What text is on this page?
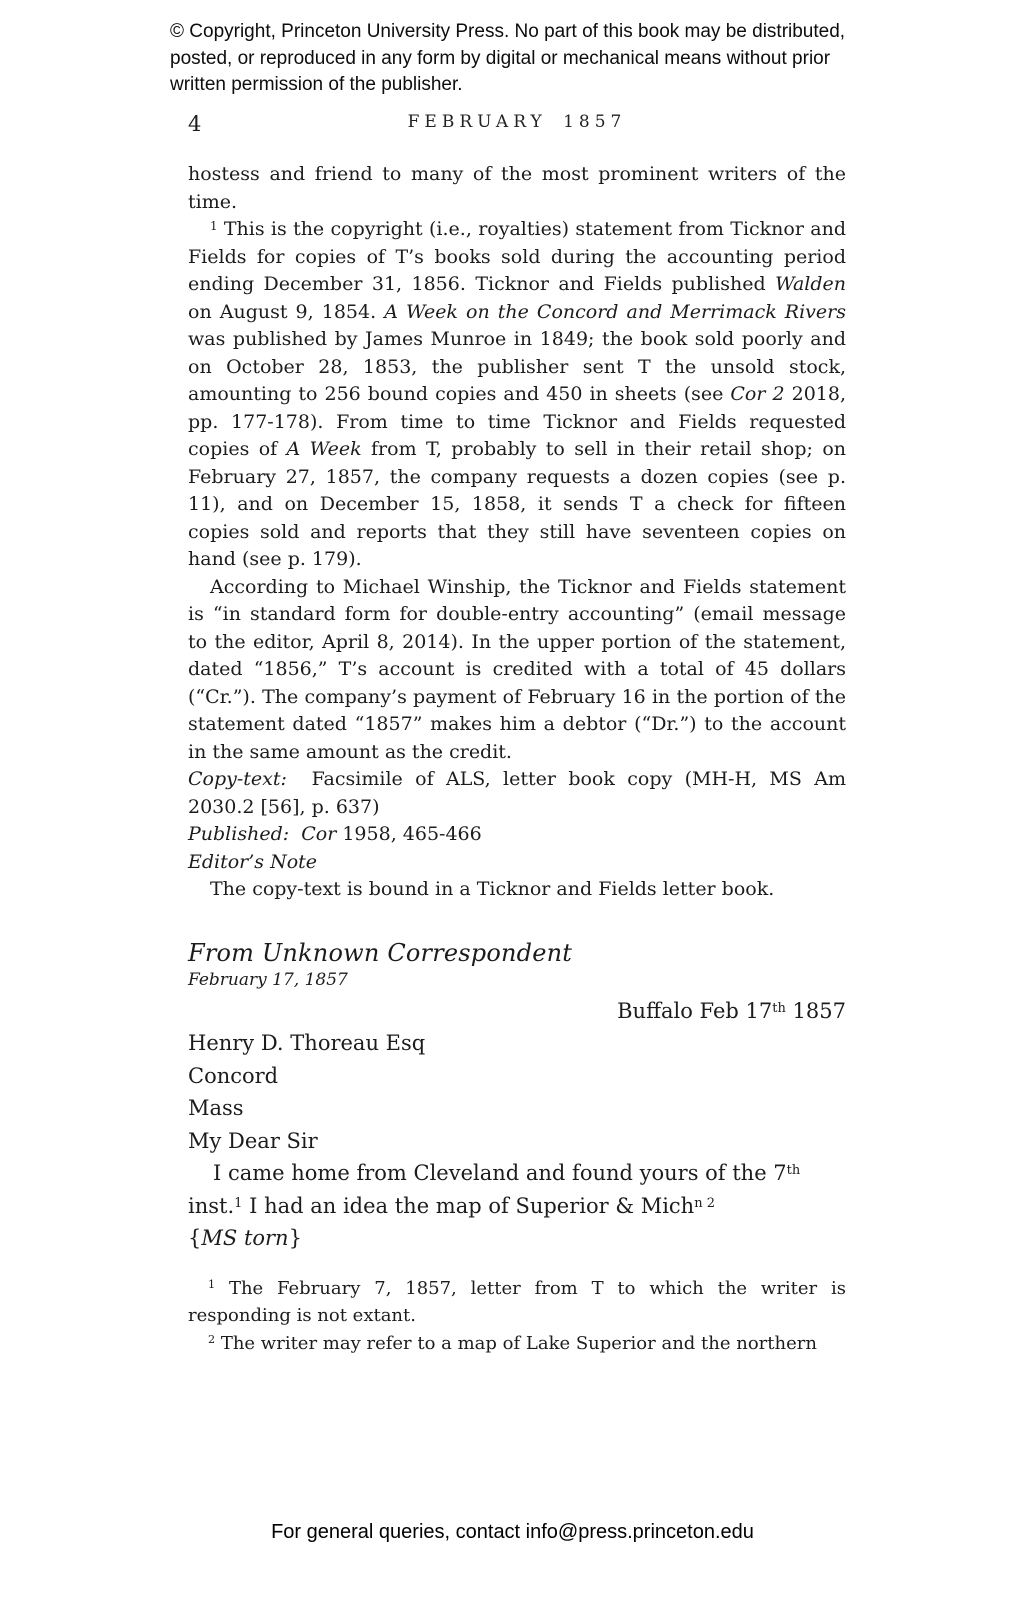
© Copyright, Princeton University Press. No part of this book may be distributed, posted, or reproduced in any form by digital or mechanical means without prior written permission of the publisher.

4	FEBRUARY 1857

hostess and friend to many of the most prominent writers of the time.

$^1$ This is the copyright (i.e., royalties) statement from Ticknor and Fields for copies of T’s books sold during the accounting period ending December 31, 1856. Ticknor and Fields published Walden on August 9, 1854. A Week on the Concord and Merrimack Rivers was published by James Munroe in 1849; the book sold poorly and on October 28, 1853, the publisher sent T the unsold stock, amounting to 256 bound copies and 450 in sheets (see Cor 2 2018, pp. 177-178). From time to time Ticknor and Fields requested copies of A Week from T, probably to sell in their retail shop; on February 27, 1857, the company requests a dozen copies (see p. 11), and on December 15, 1858, it sends T a check for fifteen copies sold and reports that they still have seventeen copies on hand (see p. 179).

According to Michael Winship, the Ticknor and Fields statement is “in standard form for double-entry accounting” (email message to the editor, April 8, 2014). In the upper portion of the statement, dated “1856,” T’s account is credited with a total of 45 dollars (“Cr.”). The company’s payment of February 16 in the portion of the statement dated “1857” makes him a debtor (“Dr.”) to the account in the same amount as the credit.

Copy-text:  Facsimile of ALS, letter book copy (MH-H, MS Am 2030.2 [56], p. 637)

Published: Cor 1958, 465-466

Editor’s Note

The copy-text is bound in a Ticknor and Fields letter book.

From Unknown Correspondent

February 17, 1857

Buffalo Feb 17th 1857

Henry D. Thoreau Esq

Concord

Mass

My Dear Sir

I came home from Cleveland and found yours of the 7th

inst.$^1$ I had an idea the map of Superior & Mich$^{n 2}$

{MS torn}

$^1$ The February 7, 1857, letter from T to which the writer is responding is not extant.

$^2$ The writer may refer to a map of Lake Superior and the northern

For general queries, contact info@press.princeton.edu
